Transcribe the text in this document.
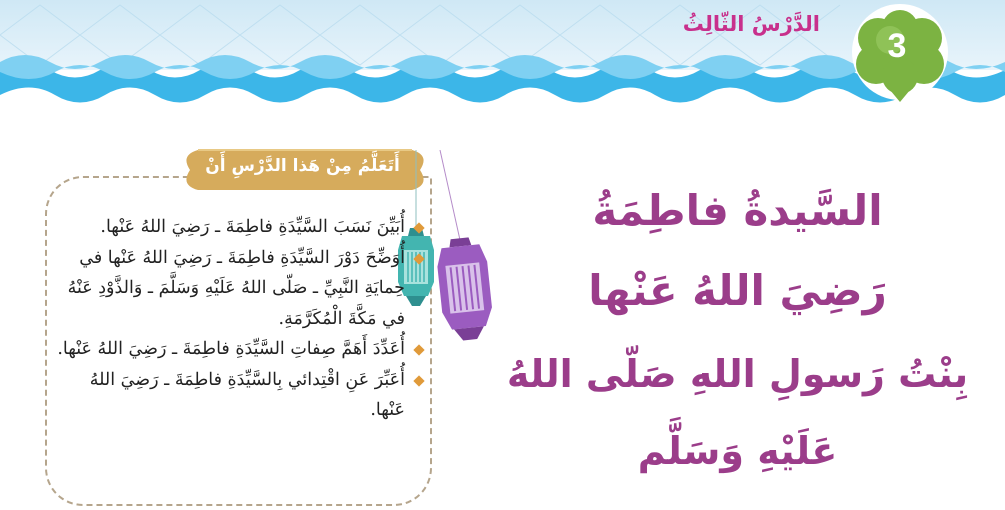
الدَّرْسُ الثّالِثُ
3
السَّيدةُ فاطِمَةُ
رَضِيَ اللهُ عَنْها
بِنْتُ رَسولِ اللهِ صَلّى اللهُ
عَلَيْهِ وَسَلَّم
أَتَعَلَّمُ مِنْ هَذا الدَّرْسِ أَنْ

أُبَيِّنَ نَسَبَ السَّيِّدَةِ فاطِمَةَ ـ رَضِيَ اللهُ عَنْها.

أُوَضِّحَ دَوْرَ السَّيِّدَةِ فاطِمَةَ ـ رَضِيَ اللهُ عَنْها في حِمايَةِ النَّبِيِّ ـ صَلّى اللهُ عَلَيْهِ وَسَلَّمَ ـ وَالذَّوْدِ عَنْهُ في مَكَّةَ الْمُكَرَّمَةِ.

أُعَدِّدَ أَهَمَّ صِفاتِ السَّيِّدَةِ فاطِمَةَ ـ رَضِيَ اللهُ عَنْها.

أُعَبِّرَ عَنِ اقْتِدائي بِالسَّيِّدَةِ فاطِمَةَ ـ رَضِيَ اللهُ عَنْها.
